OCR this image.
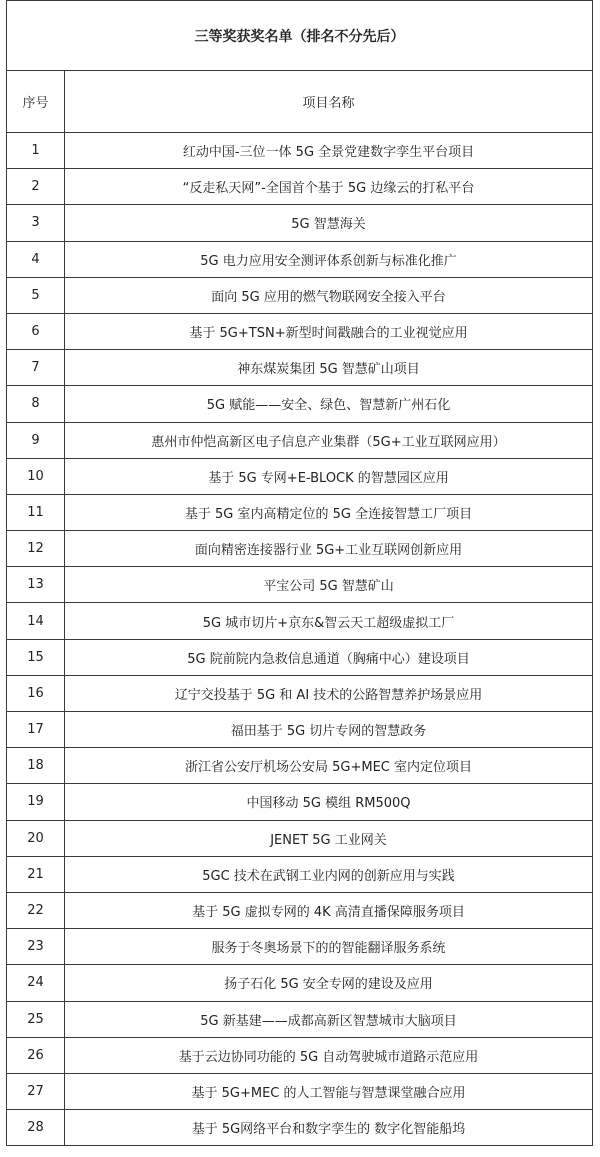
三等奖获奖名单（排名不分先后）	
序号	项目名称
1	红动中国-三位一体 5G 全景党建数字孪生平台项目
2	“反走私天网”-全国首个基于 5G 边缘云的打私平台
3	5G 智慧海关
4	5G 电力应用安全测评体系创新与标准化推广
5	面向 5G 应用的燃气物联网安全接入平台
6	基于 5G+TSN+新型时间戳融合的工业视觉应用
7	神东煤炭集团 5G 智慧矿山项目
8	5G 赋能——安全、绿色、智慧新广州石化
9	惠州市仲恺高新区电子信息产业集群（5G+工业互联网应用）
10	基于 5G 专网+E-BLOCK 的智慧园区应用
11	基于 5G 室内高精定位的 5G 全连接智慧工厂项目
12	面向精密连接器行业 5G+工业互联网创新应用
13	平宝公司 5G 智慧矿山
14	5G 城市切片+京东&智云天工超级虚拟工厂
15	5G 院前院内急救信息通道（胸痛中心）建设项目
16	辽宁交投基于 5G 和 AI 技术的公路智慧养护场景应用
17	福田基于 5G 切片专网的智慧政务
18	浙江省公安厅机场公安局 5G+MEC 室内定位项目
19	中国移动 5G 模组 RM500Q
20	JENET 5G 工业网关
21	5GC 技术在武钢工业内网的创新应用与实践
22	基于 5G 虚拟专网的 4K 高清直播保障服务项目
23	服务于冬奥场景下的的智能翻译服务系统
24	扬子石化 5G 安全专网的建设及应用
25	5G 新基建——成都高新区智慧城市大脑项目
26	基于云边协同功能的 5G 自动驾驶城市道路示范应用
27	基于 5G+MEC 的人工智能与智慧课堂融合应用
28	基于 5G网络平台和数字孪生的 数字化智能船坞
